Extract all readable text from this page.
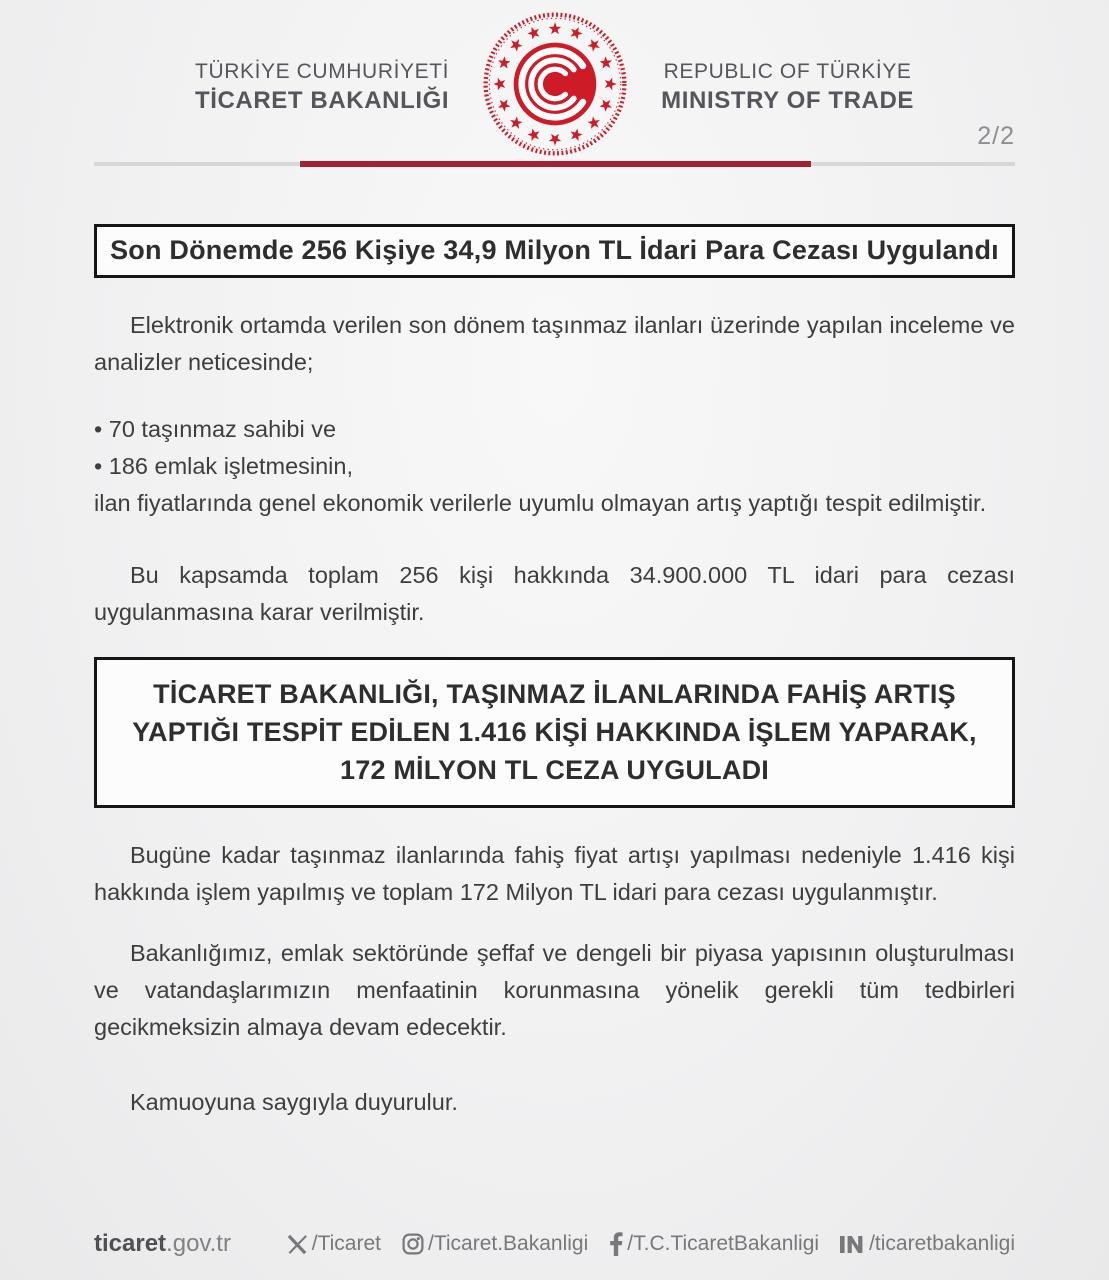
TÜRKİYE CUMHURİYETİ
TİCARET BAKANLIĞI
REPUBLIC OF TÜRKİYE
MINISTRY OF TRADE
2/2
Son Dönemde 256 Kişiye 34,9 Milyon TL İdari Para Cezası Uygulandı

Elektronik ortamda verilen son dönem taşınmaz ilanları üzerinde yapılan inceleme ve analizler neticesinde;

• 70 taşınmaz sahibi ve
• 186 emlak işletmesinin,

ilan fiyatlarında genel ekonomik verilerle uyumlu olmayan artış yaptığı tespit edilmiştir.

Bu kapsamda toplam 256 kişi hakkında 34.900.000 TL idari para cezası uygulanmasına karar verilmiştir.

TİCARET BAKANLIĞI, TAŞINMAZ İLANLARINDA FAHİŞ ARTIŞ
YAPTIĞI TESPİT EDİLEN 1.416 KİŞİ HAKKINDA İŞLEM YAPARAK,
172 MİLYON TL CEZA UYGULADI

Bugüne kadar taşınmaz ilanlarında fahiş fiyat artışı yapılması nedeniyle 1.416 kişi hakkında işlem yapılmış ve toplam 172 Milyon TL idari para cezası uygulanmıştır.

Bakanlığımız, emlak sektöründe şeffaf ve dengeli bir piyasa yapısının oluşturulması ve vatandaşlarımızın menfaatinin korunmasına yönelik gerekli tüm tedbirleri gecikmeksizin almaya devam edecektir.

Kamuoyuna saygıyla duyurulur.

ticaret.gov.tr	/Ticaret /Ticaret.Bakanligi /T.C.TicaretBakanligi /ticaretbakanligi
